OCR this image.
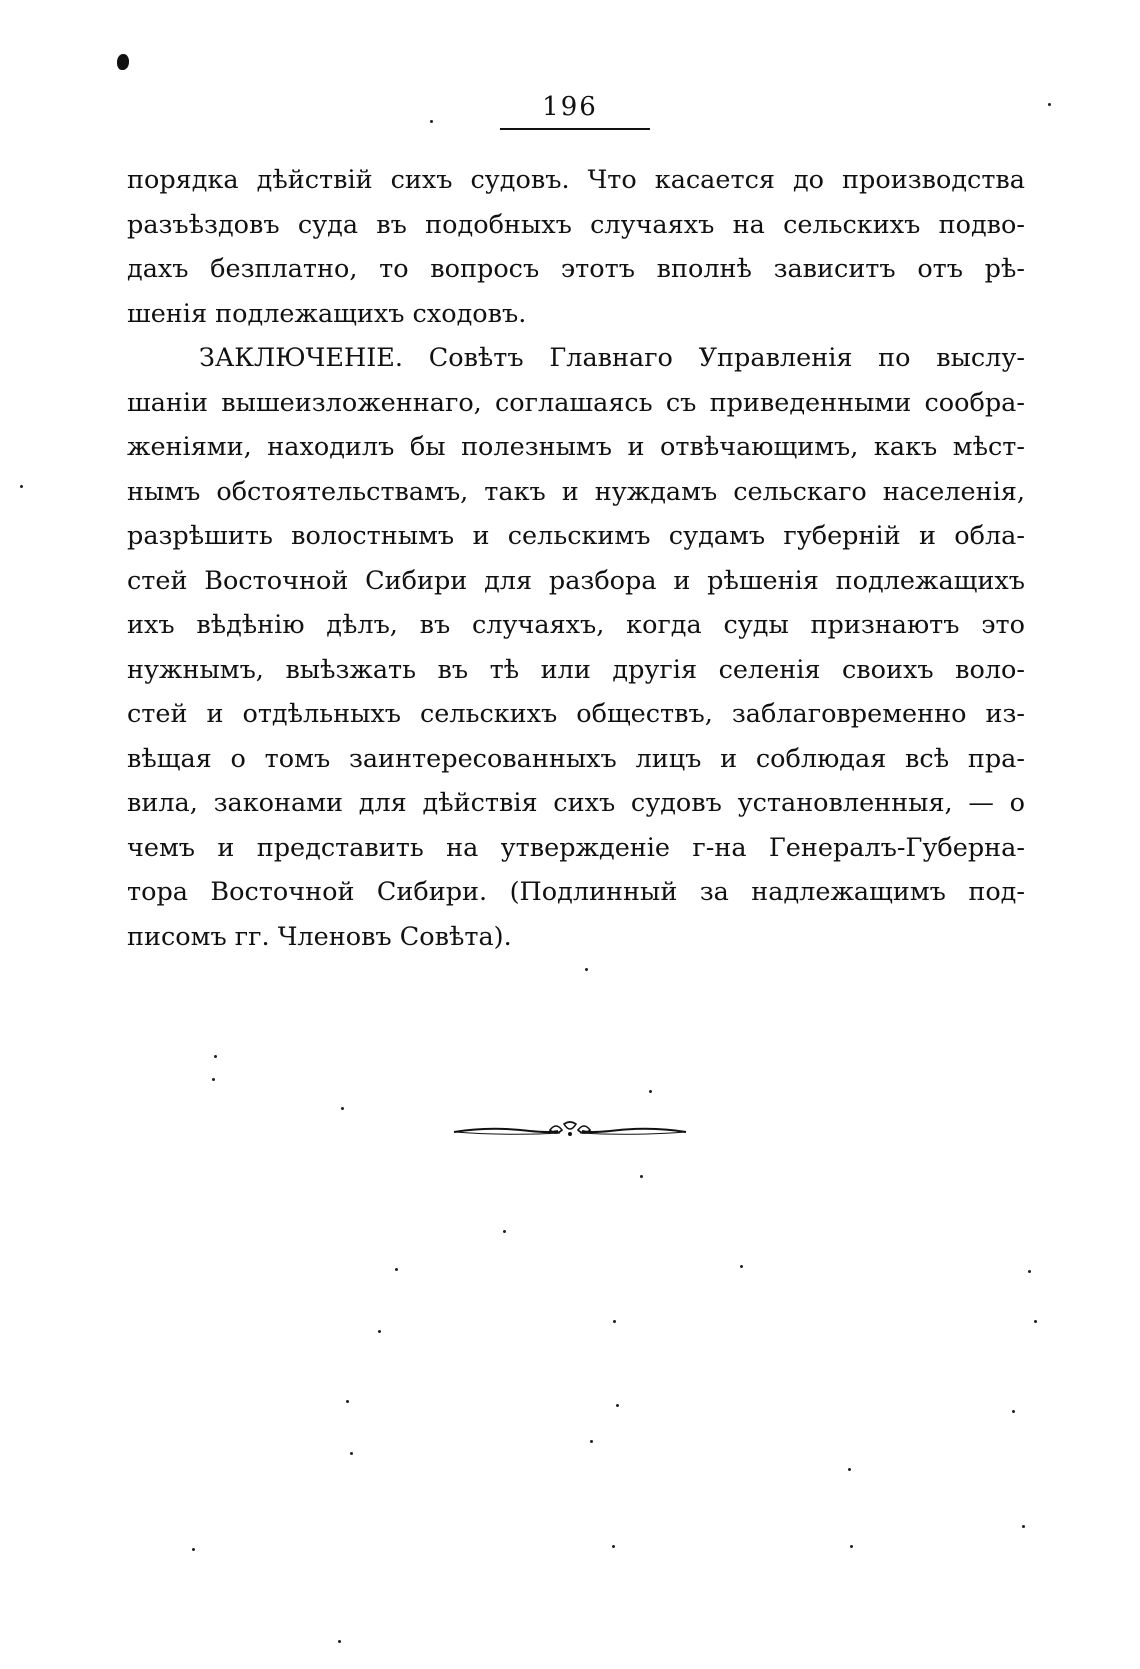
196
порядка дѣйствій сихъ судовъ. Что касается до производства
разъѣздовъ суда въ подобныхъ случаяхъ на сельскихъ подво-
дахъ безплатно, то вопросъ этотъ вполнѣ зависитъ отъ рѣ-
шенія подлежащихъ сходовъ.
ЗАКЛЮЧЕНІЕ. Совѣтъ Главнаго Управленія по выслу-
шаніи вышеизложеннаго, соглашаясь съ приведенными сообра-
женіями, находилъ бы полезнымъ и отвѣчающимъ, какъ мѣст-
нымъ обстоятельствамъ, такъ и нуждамъ сельскаго населенія,
разрѣшить волостнымъ и сельскимъ судамъ губерній и обла-
стей Восточной Сибири для разбора и рѣшенія подлежащихъ
ихъ вѣдѣнію дѣлъ, въ случаяхъ, когда суды признаютъ это
нужнымъ, выѣзжать въ тѣ или другія селенія своихъ воло-
стей и отдѣльныхъ сельскихъ обществъ, заблаговременно из-
вѣщая о томъ заинтересованныхъ лицъ и соблюдая всѣ пра-
вила, законами для дѣйствія сихъ судовъ установленныя, — о
чемъ и представить на утвержденіе г-на Генералъ-Губерна-
тора Восточной Сибири. (Подлинный за надлежащимъ под-
писомъ гг. Членовъ Совѣта).
